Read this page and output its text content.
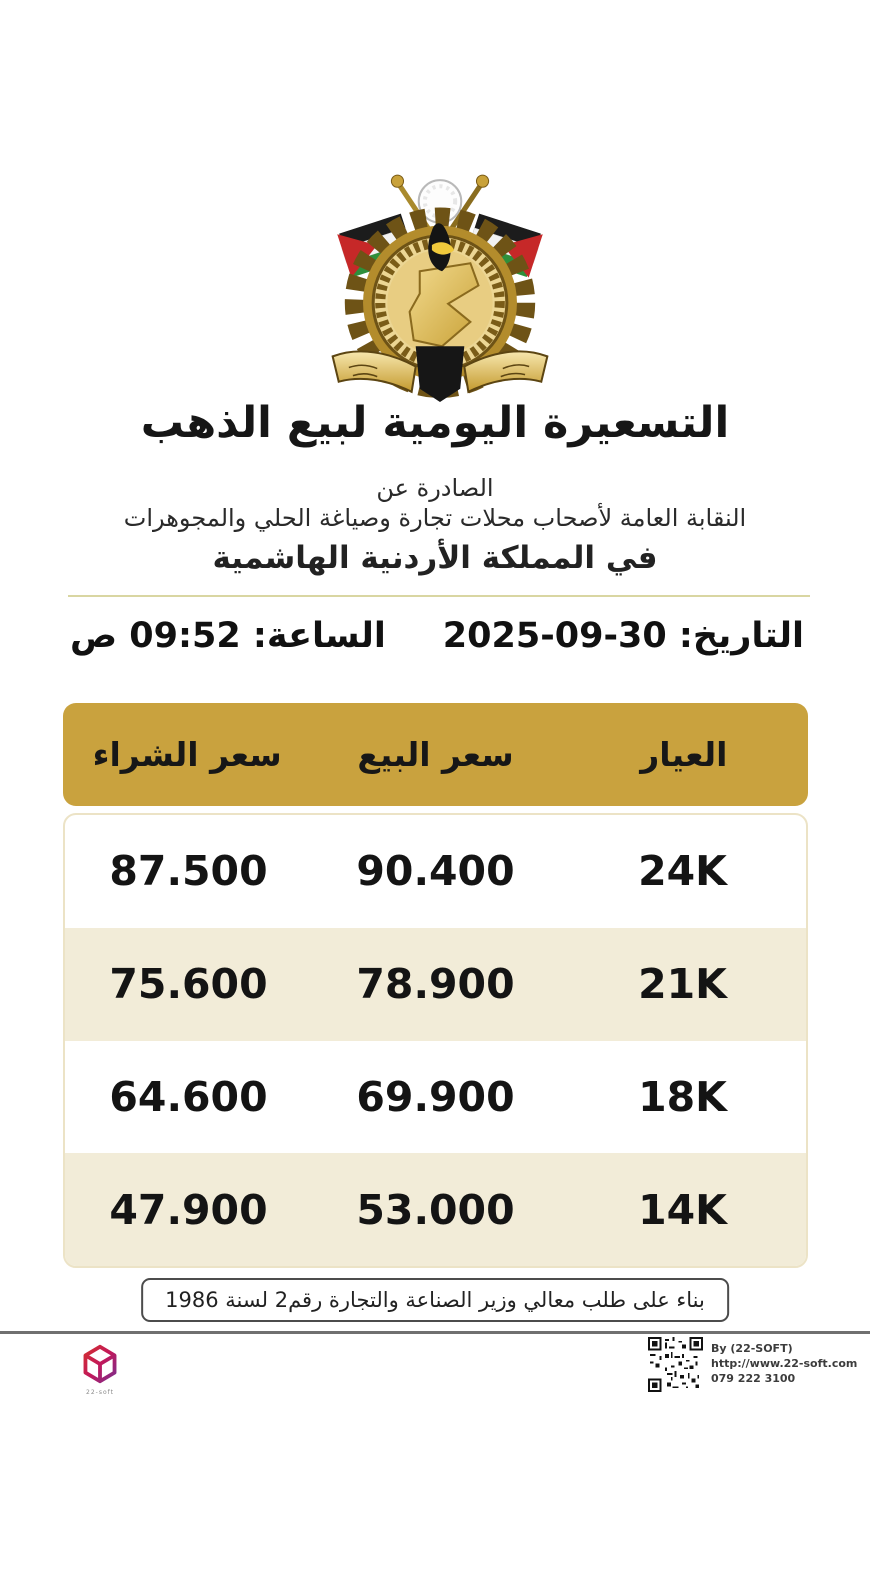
التسعيرة اليومية لبيع الذهب
الصادرة عن
النقابة العامة لأصحاب محلات تجارة وصياغة الحلي والمجوهرات
في المملكة الأردنية الهاشمية
التاريخ: 30-09-2025
الساعة: 09:52 ص
العيار
سعر البيع
سعر الشراء
24K
90.400
87.500
21K
78.900
75.600
18K
69.900
64.600
14K
53.000
47.900
بناء على طلب معالي وزير الصناعة والتجارة رقم2 لسنة 1986
22-soft
By (22-SOFT)
http://www.22-soft.com
079 222 3100
